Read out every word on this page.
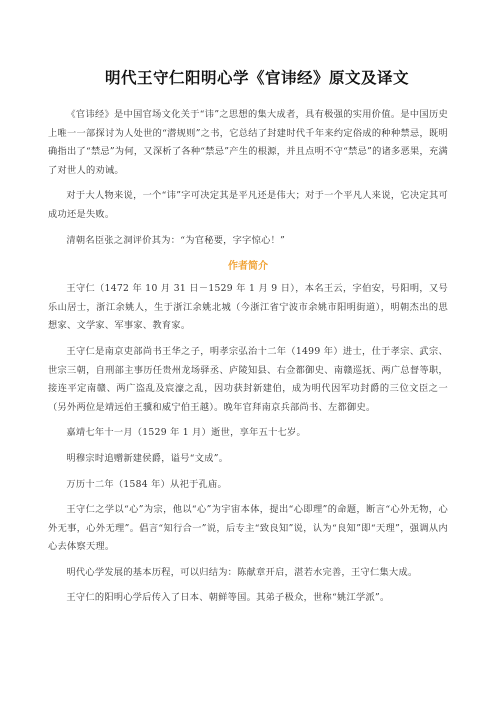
明代王守仁阳明心学《官讳经》原文及译文

《官讳经》是中国官场文化关于“讳”之思想的集大成者，具有极强的实用价值。是中国历史上唯一一部探讨为人处世的“潜规则”之书，它总结了封建时代千年来约定俗成的种种禁忌，既明确指出了“禁忌”为何，又深析了各种“禁忌”产生的根源，并且点明不守“禁忌”的诸多恶果，充满了对世人的劝诫。

对于大人物来说，一个“讳”字可决定其是平凡还是伟大；对于一个平凡人来说，它决定其可成功还是失败。

清朝名臣张之洞评价其为：“为官秘要，字字惊心！”

作者简介

王守仁（1472 年 10 月 31 日－1529 年 1 月 9 日），本名王云，字伯安，号阳明，又号乐山居士，浙江余姚人，生于浙江余姚北城（今浙江省宁波市余姚市阳明街道），明朝杰出的思想家、文学家、军事家、教育家。

王守仁是南京吏部尚书王华之子，明孝宗弘治十二年（1499 年）进士，仕于孝宗、武宗、世宗三朝，自刑部主事历任贵州龙场驿丞、庐陵知县、右佥都御史、南赣巡抚、两广总督等职，接连平定南赣、两广盗乱及宸濠之乱，因功获封新建伯，成为明代因军功封爵的三位文臣之一（另外两位是靖远伯王骥和威宁伯王越）。晚年官拜南京兵部尚书、左都御史。

嘉靖七年十一月（1529 年 1 月）逝世，享年五十七岁。

明穆宗时追赠新建侯爵，谥号“文成”。

万历十二年（1584 年）从祀于孔庙。

王守仁之学以“心”为宗，他以“心”为宇宙本体，提出“心即理”的命题，断言“心外无物，心外无事，心外无理”。倡言“知行合一”说，后专主“致良知”说，认为“良知”即“天理”，强调从内心去体察天理。

明代心学发展的基本历程，可以归结为：陈献章开启，湛若水完善，王守仁集大成。

王守仁的阳明心学后传入了日本、朝鲜等国。其弟子极众，世称“姚江学派”。
